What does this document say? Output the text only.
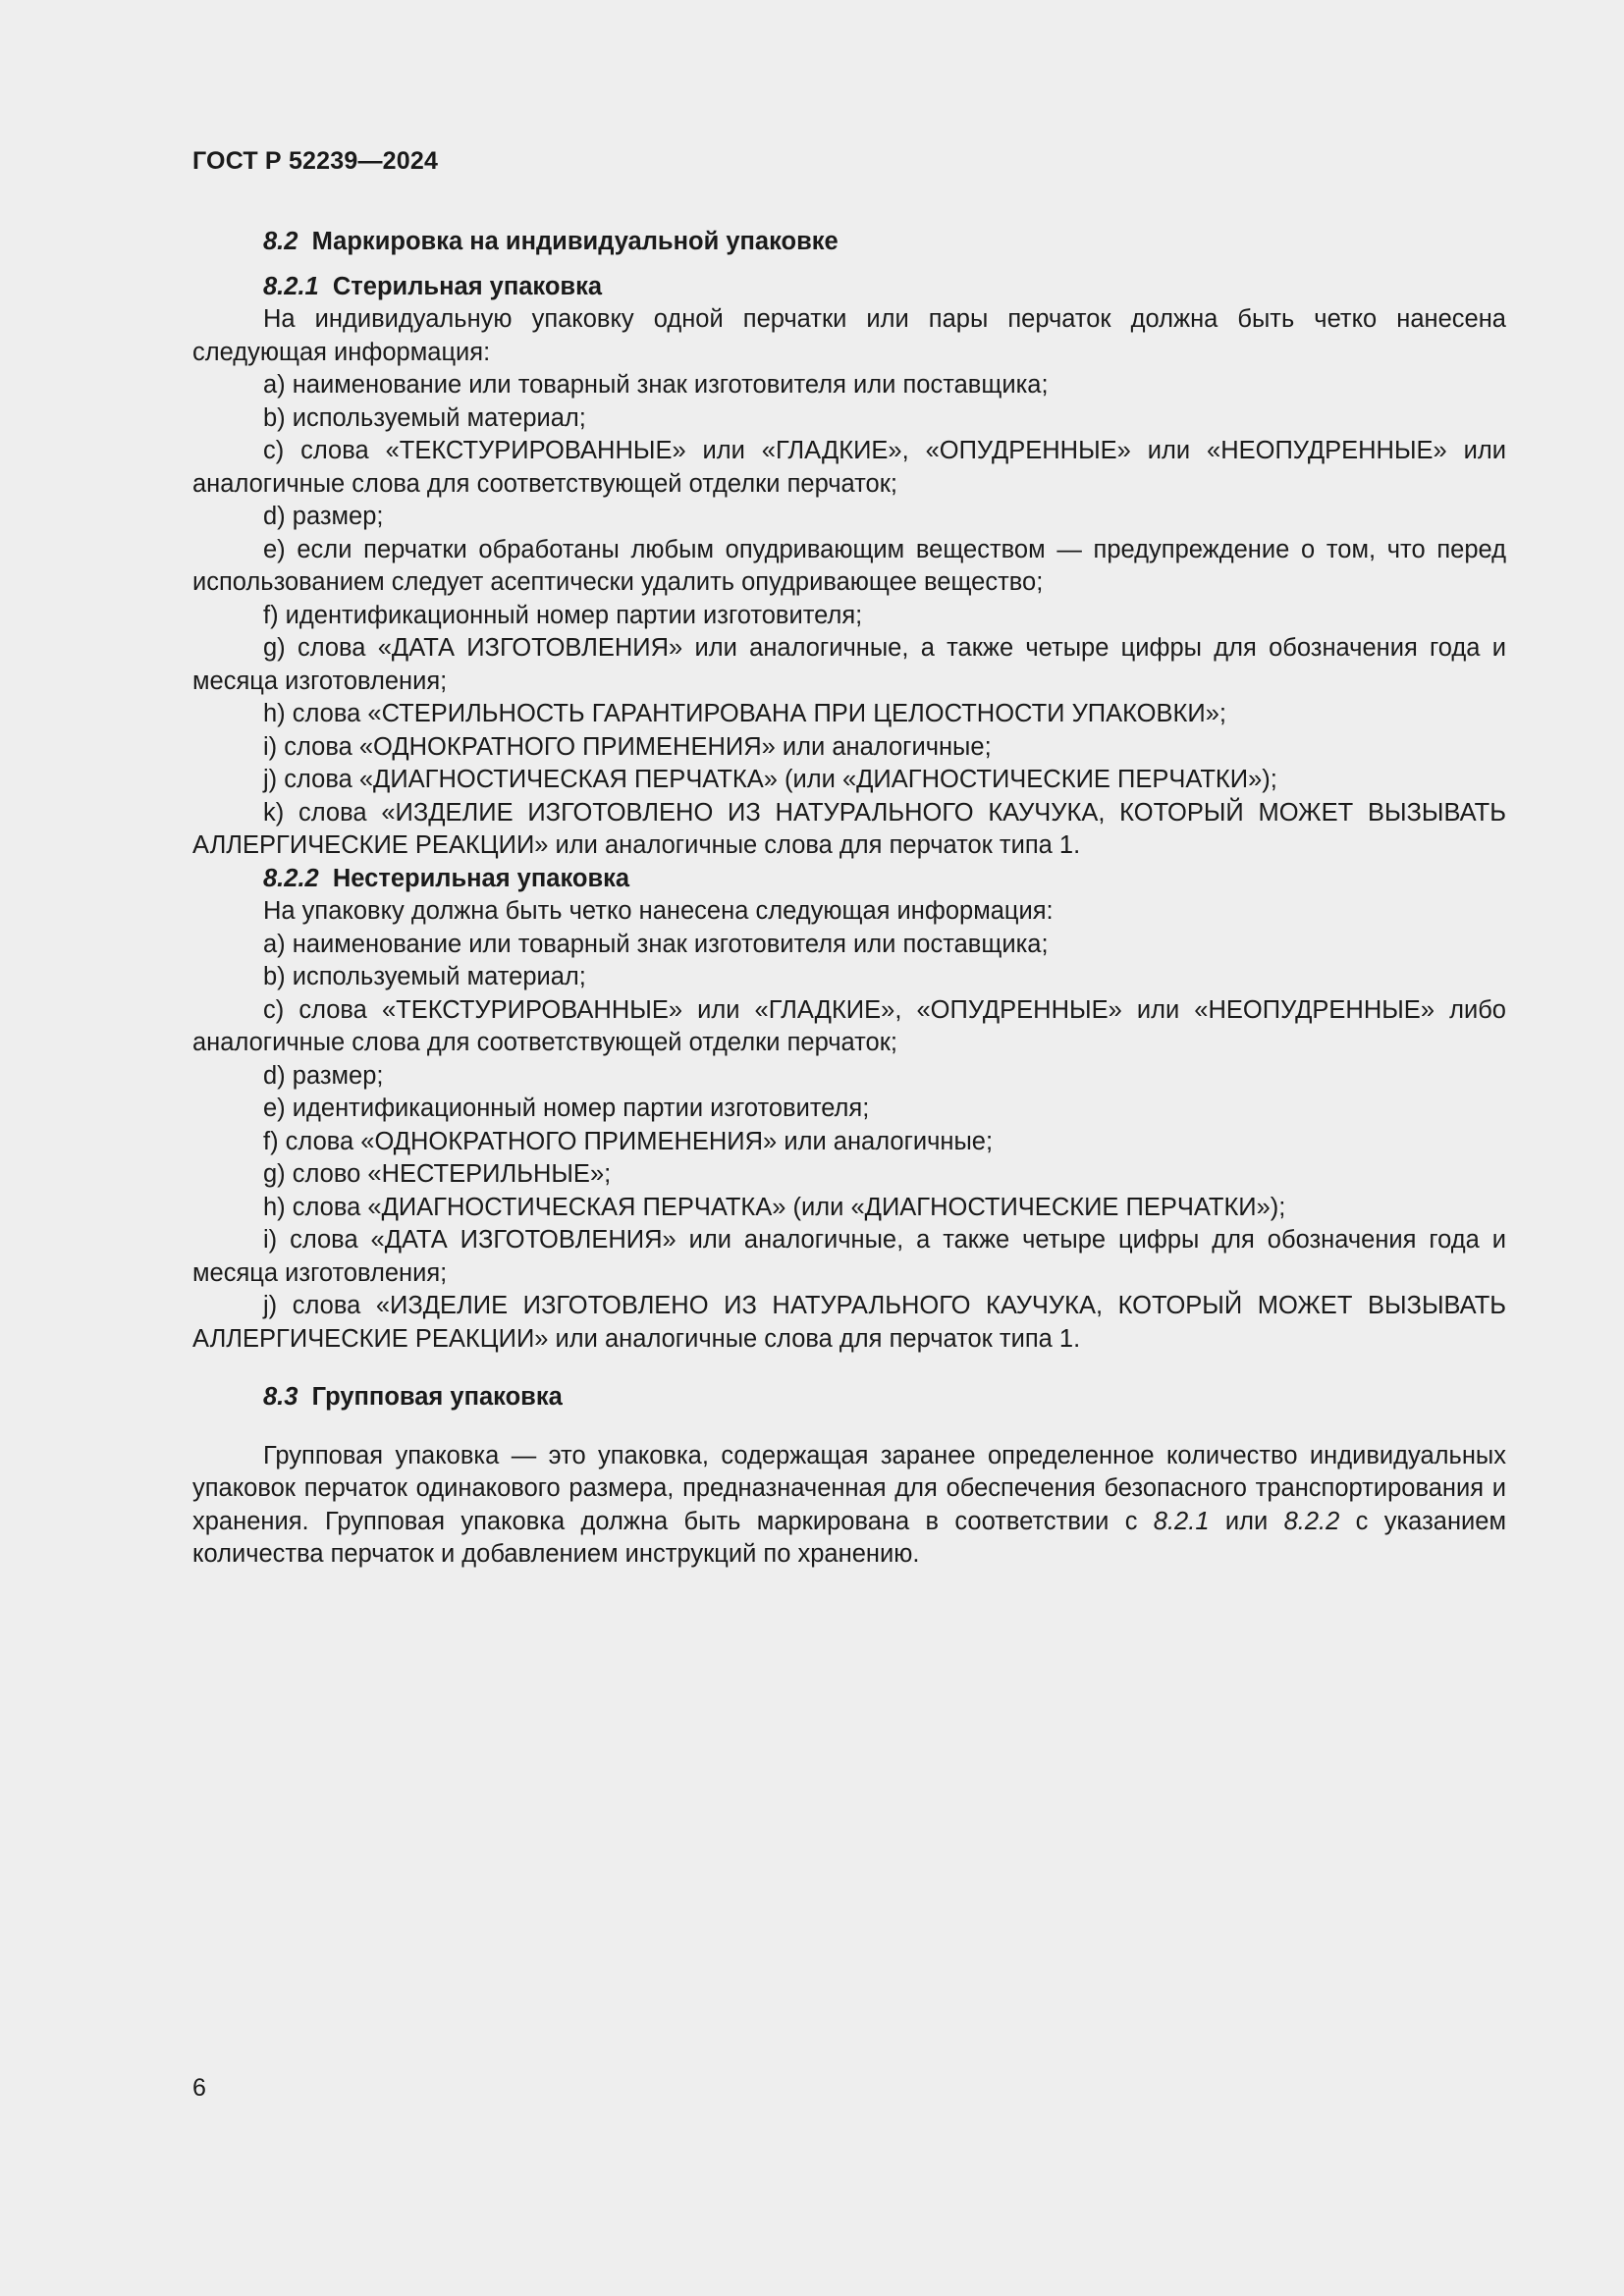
ГОСТ Р 52239—2024

8.2 Маркировка на индивидуальной упаковке

8.2.1 Стерильная упаковка

На индивидуальную упаковку одной перчатки или пары перчаток должна быть четко нанесена следующая информация:

a) наименование или товарный знак изготовителя или поставщика;

b) используемый материал;

c) слова «ТЕКСТУРИРОВАННЫЕ» или «ГЛАДКИЕ», «ОПУДРЕННЫЕ» или «НЕОПУДРЕННЫЕ» или аналогичные слова для соответствующей отделки перчаток;

d) размер;

e) если перчатки обработаны любым опудривающим веществом — предупреждение о том, что перед использованием следует асептически удалить опудривающее вещество;

f) идентификационный номер партии изготовителя;

g) слова «ДАТА ИЗГОТОВЛЕНИЯ» или аналогичные, а также четыре цифры для обозначения года и месяца изготовления;

h) слова «СТЕРИЛЬНОСТЬ ГАРАНТИРОВАНА ПРИ ЦЕЛОСТНОСТИ УПАКОВКИ»;

i) слова «ОДНОКРАТНОГО ПРИМЕНЕНИЯ» или аналогичные;

j) слова «ДИАГНОСТИЧЕСКАЯ ПЕРЧАТКА» (или «ДИАГНОСТИЧЕСКИЕ ПЕРЧАТКИ»);

k) слова «ИЗДЕЛИЕ ИЗГОТОВЛЕНО ИЗ НАТУРАЛЬНОГО КАУЧУКА, КОТОРЫЙ МОЖЕТ ВЫЗЫВАТЬ АЛЛЕРГИЧЕСКИЕ РЕАКЦИИ» или аналогичные слова для перчаток типа 1.

8.2.2 Нестерильная упаковка

На упаковку должна быть четко нанесена следующая информация:

a) наименование или товарный знак изготовителя или поставщика;

b) используемый материал;

c) слова «ТЕКСТУРИРОВАННЫЕ» или «ГЛАДКИЕ», «ОПУДРЕННЫЕ» или «НЕОПУДРЕННЫЕ» либо аналогичные слова для соответствующей отделки перчаток;

d) размер;

e) идентификационный номер партии изготовителя;

f) слова «ОДНОКРАТНОГО ПРИМЕНЕНИЯ» или аналогичные;

g) слово «НЕСТЕРИЛЬНЫЕ»;

h) слова «ДИАГНОСТИЧЕСКАЯ ПЕРЧАТКА» (или «ДИАГНОСТИЧЕСКИЕ ПЕРЧАТКИ»);

i) слова «ДАТА ИЗГОТОВЛЕНИЯ» или аналогичные, а также четыре цифры для обозначения года и месяца изготовления;

j) слова «ИЗДЕЛИЕ ИЗГОТОВЛЕНО ИЗ НАТУРАЛЬНОГО КАУЧУКА, КОТОРЫЙ МОЖЕТ ВЫЗЫВАТЬ АЛЛЕРГИЧЕСКИЕ РЕАКЦИИ» или аналогичные слова для перчаток типа 1.

8.3 Групповая упаковка

Групповая упаковка — это упаковка, содержащая заранее определенное количество индивидуальных упаковок перчаток одинакового размера, предназначенная для обеспечения безопасного транспортирования и хранения. Групповая упаковка должна быть маркирована в соответствии с 8.2.1 или 8.2.2 с указанием количества перчаток и добавлением инструкций по хранению.

6
